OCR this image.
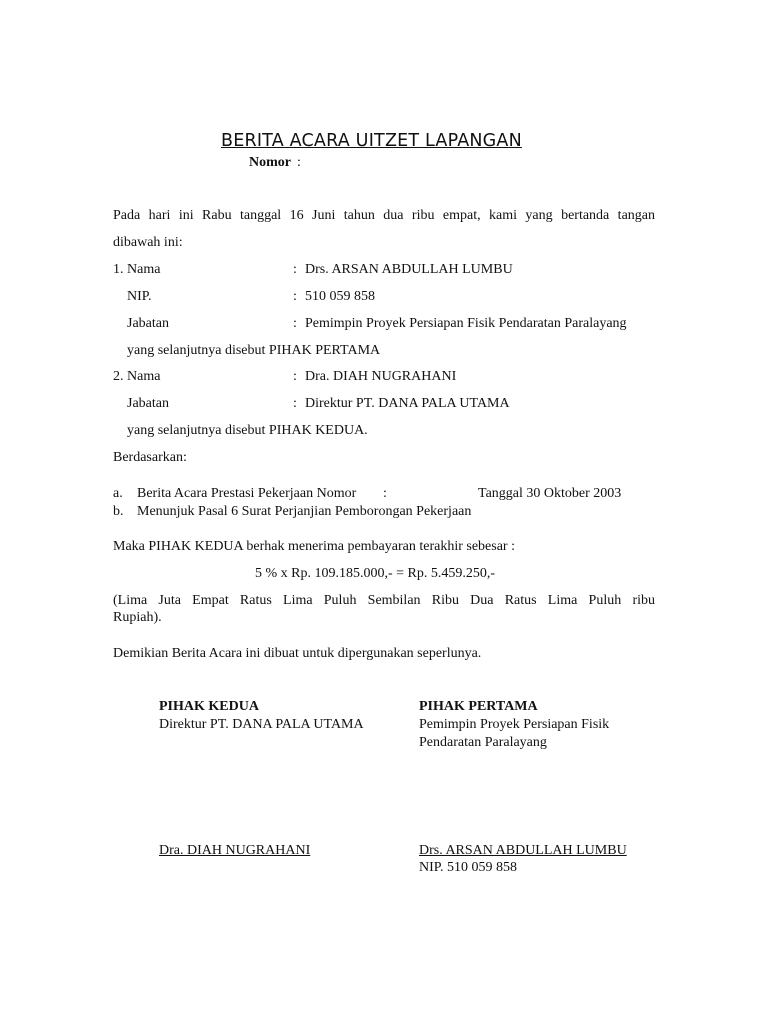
BERITA ACARA UITZET LAPANGAN
Nomor :
Pada hari ini Rabu tanggal 16 Juni tahun dua ribu empat, kami yang bertanda tangan
dibawah ini:
1. Nama	: Drs. ARSAN ABDULLAH LUMBU
NIP.	: 510 059 858
Jabatan	: Pemimpin Proyek Persiapan Fisik Pendaratan Paralayang
yang selanjutnya disebut PIHAK PERTAMA
2. Nama	: Dra. DIAH NUGRAHANI
Jabatan	: Direktur PT. DANA PALA UTAMA
yang selanjutnya disebut PIHAK KEDUA.
Berdasarkan:
a. Berita Acara Prestasi Pekerjaan Nomor :	Tanggal 30 Oktober 2003
b. Menunjuk Pasal 6 Surat Perjanjian Pemborongan Pekerjaan
Maka PIHAK KEDUA berhak menerima pembayaran terakhir sebesar :
5 % x Rp. 109.185.000,- = Rp. 5.459.250,-
(Lima Juta Empat Ratus Lima Puluh Sembilan Ribu Dua Ratus Lima Puluh ribu
Rupiah).
Demikian Berita Acara ini dibuat untuk dipergunakan seperlunya.
PIHAK KEDUA
Direktur PT. DANA PALA UTAMA
Dra. DIAH NUGRAHANI
PIHAK PERTAMA
Pemimpin Proyek Persiapan Fisik
Pendaratan Paralayang
Drs. ARSAN ABDULLAH LUMBU
NIP. 510 059 858
